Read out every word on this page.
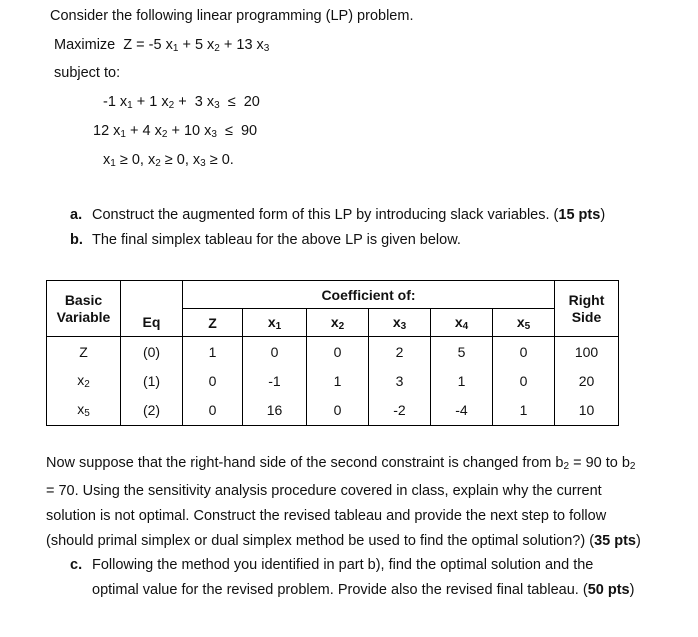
Consider the following linear programming (LP) problem.
Maximize Z = -5 $x_1 + 5$ $x_2 + 13$ $x_3$
subject to:
-1 $x_1 + 1$ $x_2 + 3$ $x_3 \le 20$
12 $x_1 + 4$ $x_2 + 10$ $x_3 \le 90$
$x_1 \ge 0$, $x_2 \ge 0$, $x_3 \ge 0$.
a. Construct the augmented form of this LP by introducing slack variables. (15 pts)
b. The final simplex tableau for the above LP is given below.
Basic Variable		Coefficient of:						Right Side
	Eq	Z	$x_1$	$x_2$	$x_3$	$x_4$	$x_5$
Z	(0)	1	0	0	2	5	0	100
$x_2$	(1)	0	-1	1	3	1	0	20
$x_5$	(2)	0	16	0	-2	-4	1	10
Now suppose that the right-hand side of the second constraint is changed from $b_2 = 90$ to $b_2$
= 70. Using the sensitivity analysis procedure covered in class, explain why the current
solution is not optimal. Construct the revised tableau and provide the next step to follow
(should primal simplex or dual simplex method be used to find the optimal solution?) (35 pts)
c. Following the method you identified in part b), find the optimal solution and the
optimal value for the revised problem. Provide also the revised final tableau. (50 pts)
